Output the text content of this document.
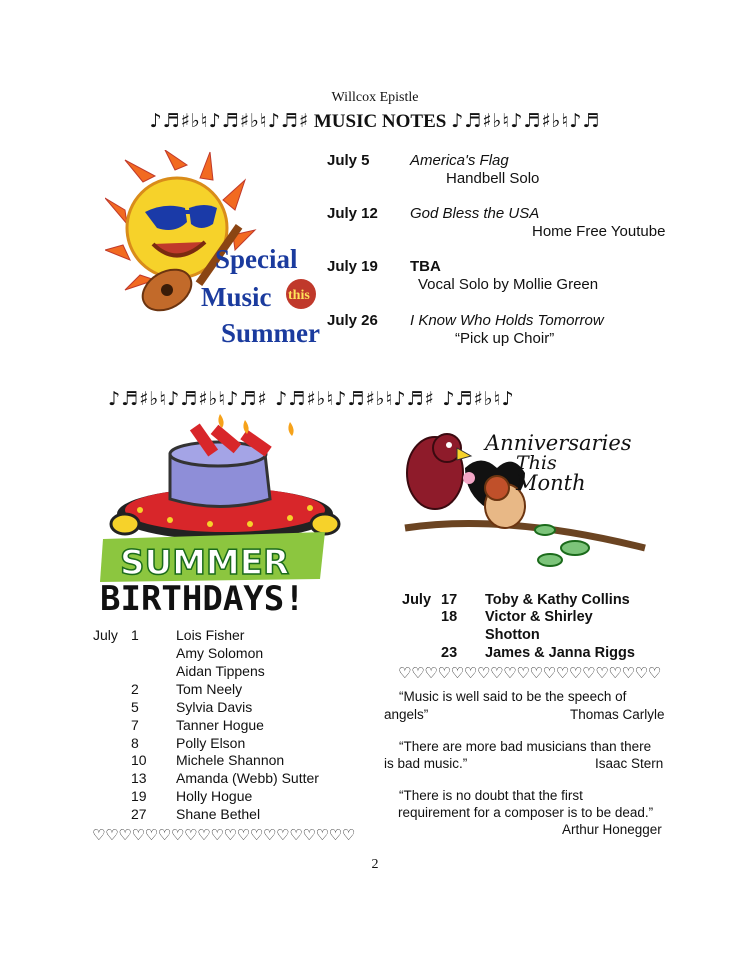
Willcox Epistle
♪♬♯♭♮♪♬♯♭♮♪♬♯ MUSIC NOTES ♪♬♯♭♮♪♬♯♭♮♪♬
Special
Music this
Summer
July 5	America's Flag
Handbell Solo
July 12 God Bless the USA
Home Free Youtube
July 19 TBA
Vocal Solo by Mollie Green
July 26 I Know Who Holds Tomorrow
“Pick up Choir”
♪♬♯♭♮♪♬♯♭♮♪♬♯ ♪♬♯♭♮♪♬♯♭♮♪♬♯ ♪♬♯♭♮♪
SUMMER
BIRTHDAYS!
July 1	Lois Fisher
Amy Solomon
Aidan Tippens
2	Tom Neely
5	Sylvia Davis
7	Tanner Hogue
8	Polly Elson
10 Michele Shannon
13 Amanda (Webb) Sutter
19 Holly Hogue
27 Shane Bethel
♡♡♡♡♡♡♡♡♡♡♡♡♡♡♡♡♡♡♡♡
Anniversaries
This
Month
July 17 Toby & Kathy Collins
18 Victor & Shirley
Shotton
23 James & Janna Riggs
♡♡♡♡♡♡♡♡♡♡♡♡♡♡♡♡♡♡♡♡
“Music is well said to be the speech of
angels”	Thomas Carlyle
“There are more bad musicians than there
is bad music.”	Isaac Stern
“There is no doubt that the first
requirement for a composer is to be dead.”
Arthur Honegger
2
